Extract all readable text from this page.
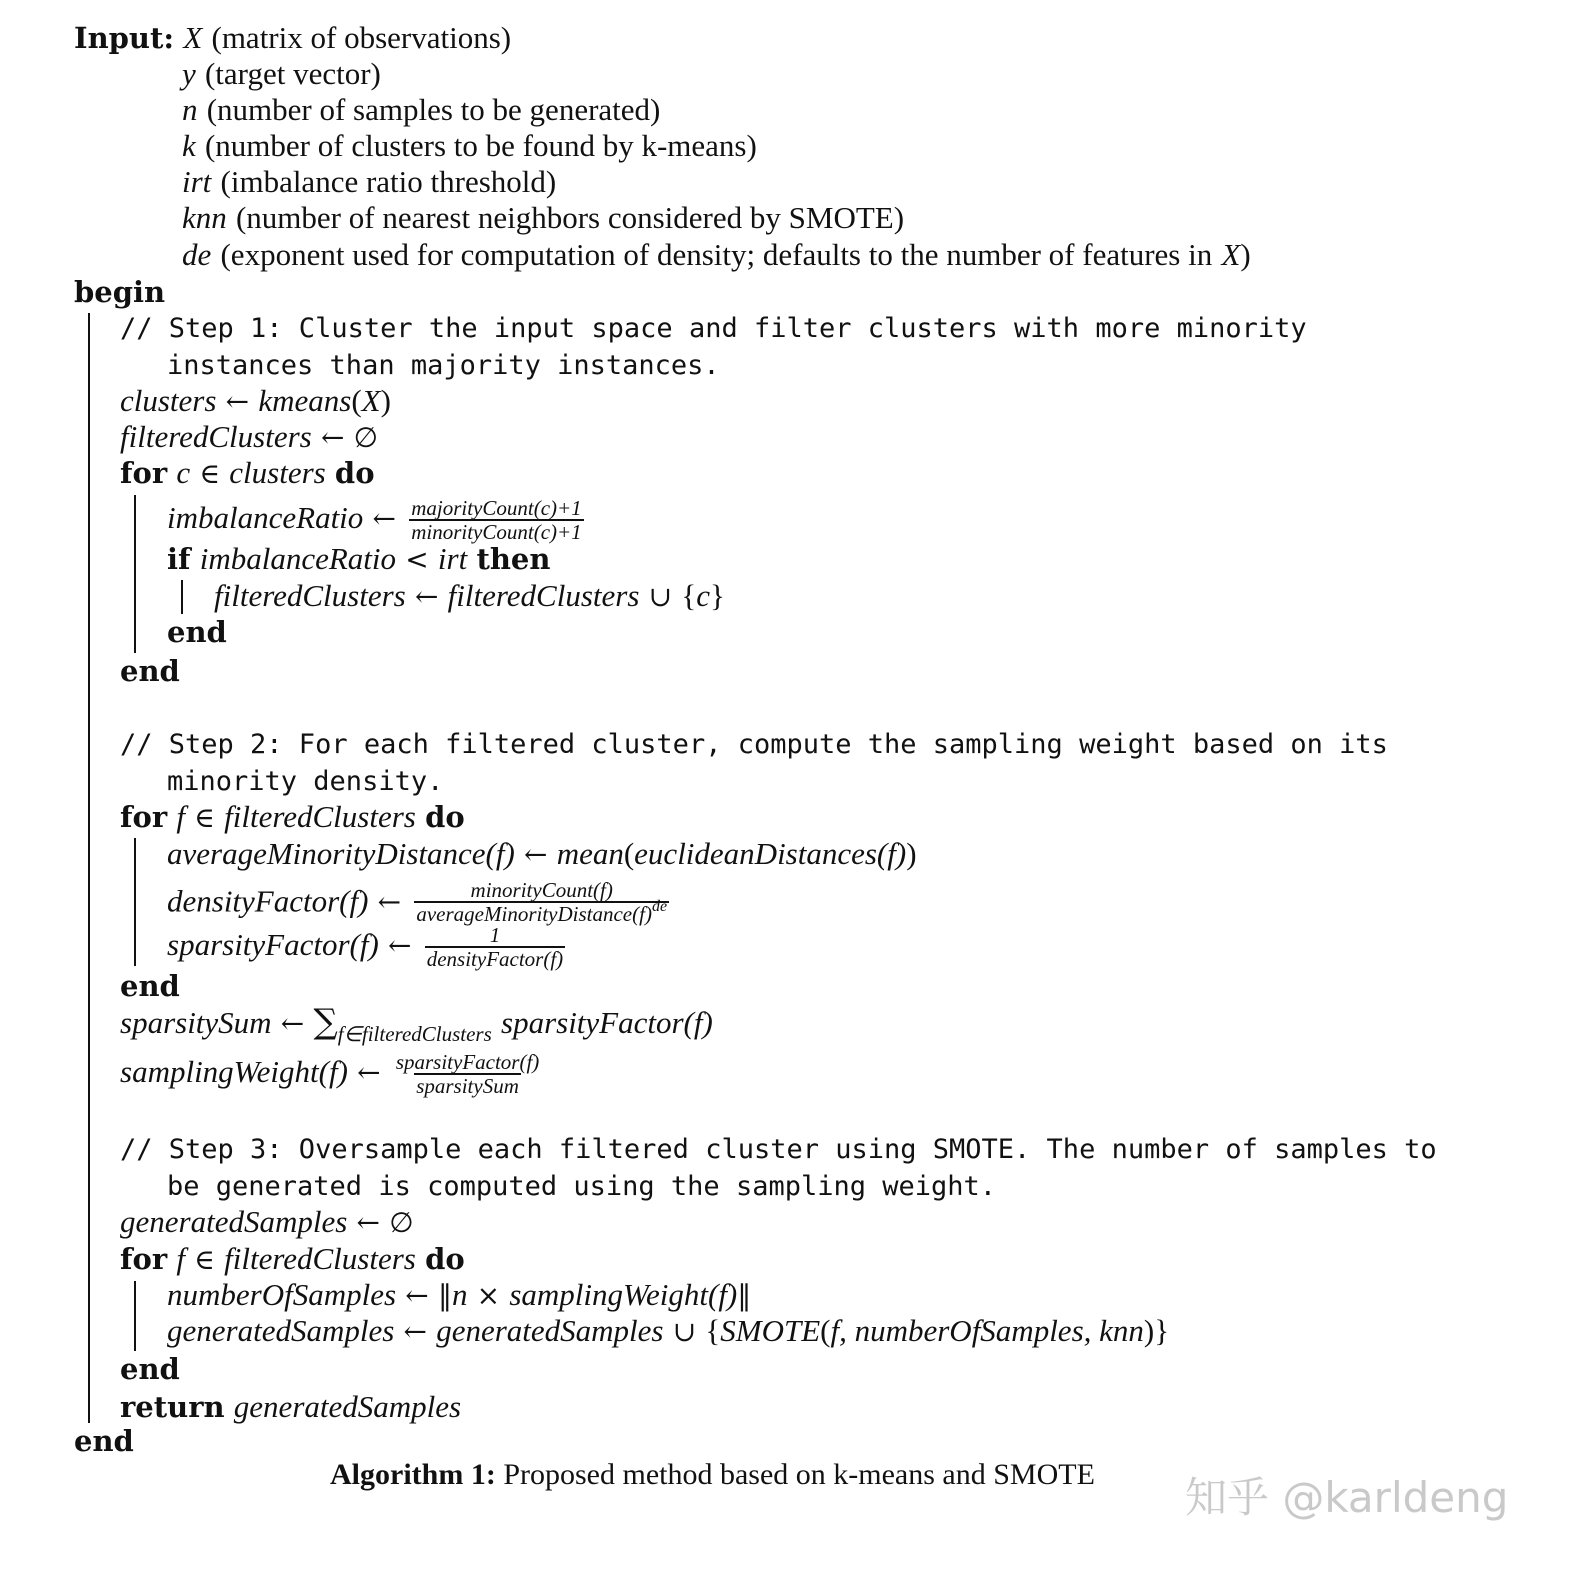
Input: X (matrix of observations)
y (target vector)
n (number of samples to be generated)
k (number of clusters to be found by k-means)
irt (imbalance ratio threshold)
knn (number of nearest neighbors considered by SMOTE)
de (exponent used for computation of density; defaults to the number of features in X)
begin
// Step 1: Cluster the input space and filter clusters with more minority
instances than majority instances.
clusters ← kmeans(X)
filteredClusters ← ∅
for c ∈ clusters do
imbalanceRatio ← $\frac{\text{majorityCount(c)+1}}{\text{minorityCount(c)+1}}$
if imbalanceRatio < irt then
filteredClusters ← filteredClusters ∪ {c}
end
end
// Step 2: For each filtered cluster, compute the sampling weight based on its
minority density.
for f ∈ filteredClusters do
averageMinorityDistance(f) ← mean(euclideanDistances(f))
densityFactor(f) ← $\frac{\text{minorityCount(f)}}{averageMinorityDistance(f)^{de}}$
sparsityFactor(f) ← $\frac{1}{\text{densityFactor(f)}}$
end
sparsitySum ← $\sum_{f\in filteredClusters}$ sparsityFactor(f)
samplingWeight(f) ← $\frac{\text{sparsityFactor(f)}}{\text{sparsitySum}}$
// Step 3: Oversample each filtered cluster using SMOTE. The number of samples to
be generated is computed using the sampling weight.
generatedSamples ← ∅
for f ∈ filteredClusters do
numberOfSamples ← ‖n × samplingWeight(f)‖
generatedSamples ← generatedSamples ∪ {SMOTE(f, numberOfSamples, knn)}
end
return generatedSamples
end
Algorithm 1: Proposed method based on k-means and SMOTE 知乎 @karldeng
